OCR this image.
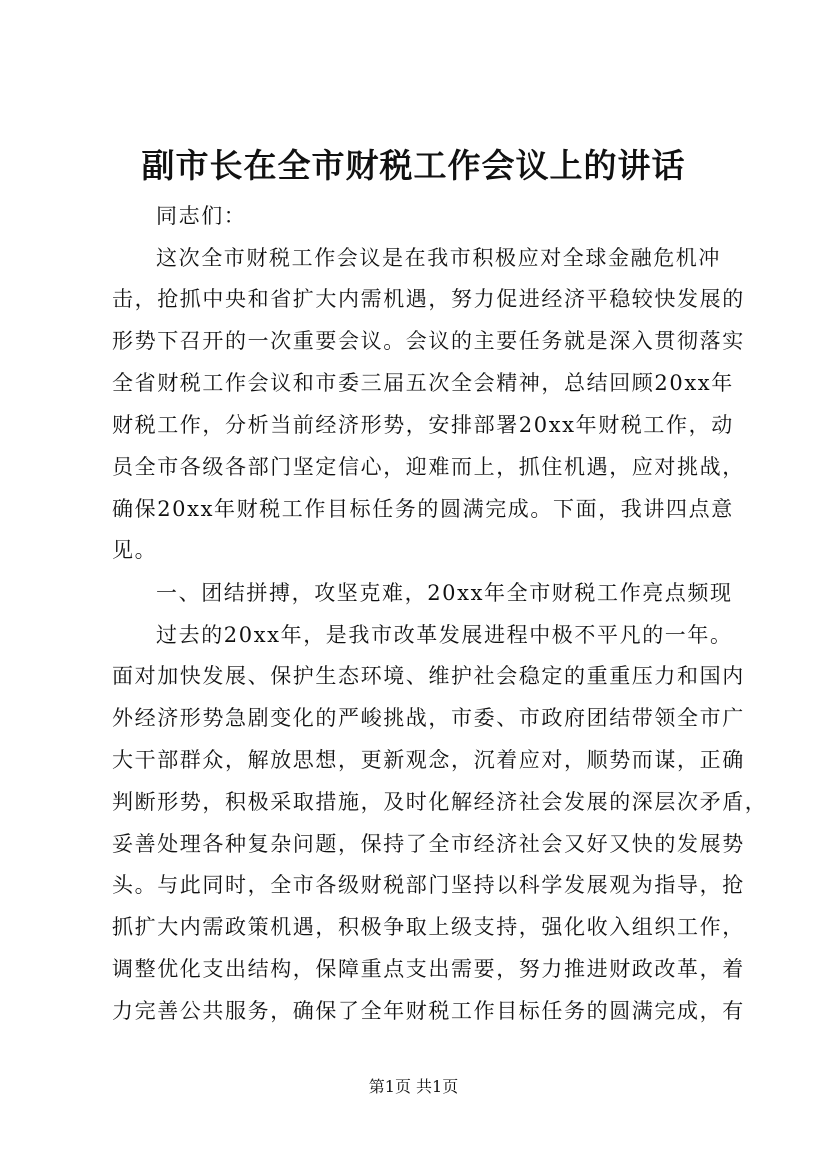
副市长在全市财税工作会议上的讲话

同志们：

这次全市财税工作会议是在我市积极应对全球金融危机冲

击，抢抓中央和省扩大内需机遇，努力促进经济平稳较快发展的

形势下召开的一次重要会议。会议的主要任务就是深入贯彻落实

全省财税工作会议和市委三届五次全会精神，总结回顾20xx年

财税工作，分析当前经济形势，安排部署20xx年财税工作，动

员全市各级各部门坚定信心，迎难而上，抓住机遇，应对挑战，

确保20xx年财税工作目标任务的圆满完成。下面，我讲四点意

见。

一、团结拼搏，攻坚克难，20xx年全市财税工作亮点频现

过去的20xx年，是我市改革发展进程中极不平凡的一年。

面对加快发展、保护生态环境、维护社会稳定的重重压力和国内

外经济形势急剧变化的严峻挑战，市委、市政府团结带领全市广

大干部群众，解放思想，更新观念，沉着应对，顺势而谋，正确

判断形势，积极采取措施，及时化解经济社会发展的深层次矛盾，

妥善处理各种复杂问题，保持了全市经济社会又好又快的发展势

头。与此同时，全市各级财税部门坚持以科学发展观为指导，抢

抓扩大内需政策机遇，积极争取上级支持，强化收入组织工作，

调整优化支出结构，保障重点支出需要，努力推进财政改革，着

力完善公共服务，确保了全年财税工作目标任务的圆满完成，有

第1页 共1页
